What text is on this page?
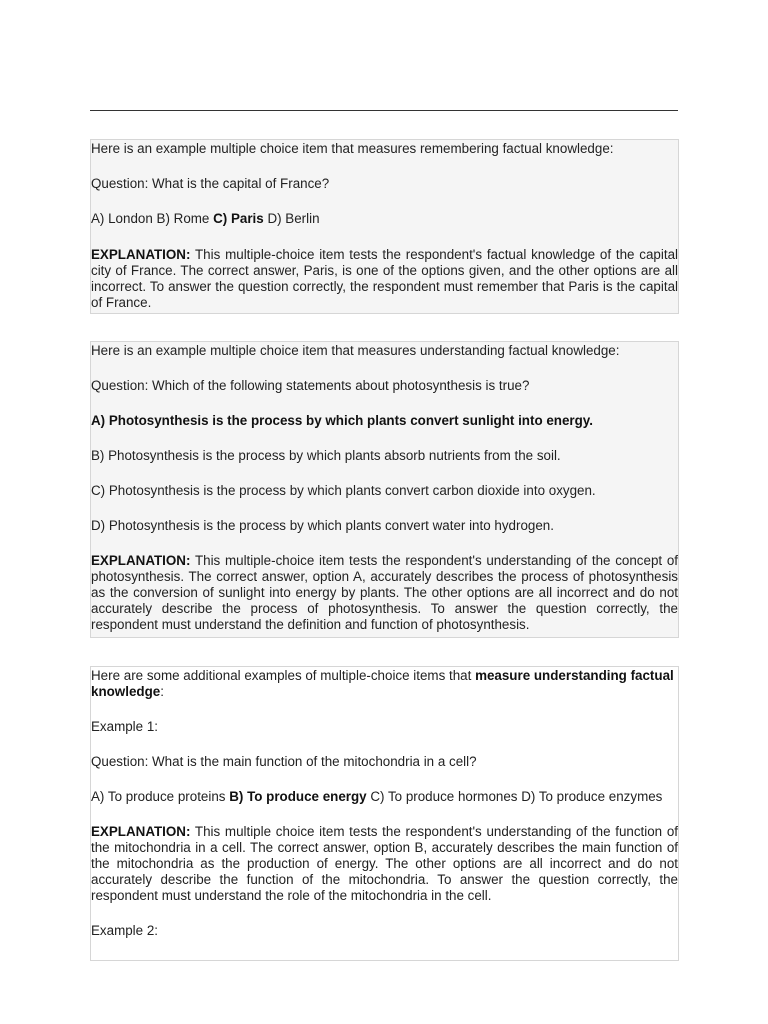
Here is an example multiple choice item that measures remembering factual knowledge:

Question: What is the capital of France?

A) London B) Rome C) Paris D) Berlin

EXPLANATION: This multiple-choice item tests the respondent's factual knowledge of the capital city of France. The correct answer, Paris, is one of the options given, and the other options are all incorrect. To answer the question correctly, the respondent must remember that Paris is the capital of France.

Here is an example multiple choice item that measures understanding factual knowledge:

Question: Which of the following statements about photosynthesis is true?

A) Photosynthesis is the process by which plants convert sunlight into energy.

B) Photosynthesis is the process by which plants absorb nutrients from the soil.

C) Photosynthesis is the process by which plants convert carbon dioxide into oxygen.

D) Photosynthesis is the process by which plants convert water into hydrogen.

EXPLANATION: This multiple-choice item tests the respondent's understanding of the concept of photosynthesis. The correct answer, option A, accurately describes the process of photosynthesis as the conversion of sunlight into energy by plants. The other options are all incorrect and do not accurately describe the process of photosynthesis. To answer the question correctly, the respondent must understand the definition and function of photosynthesis.

Here are some additional examples of multiple-choice items that measure understanding factual knowledge:

Example 1:

Question: What is the main function of the mitochondria in a cell?

A) To produce proteins B) To produce energy C) To produce hormones D) To produce enzymes

EXPLANATION: This multiple choice item tests the respondent's understanding of the function of the mitochondria in a cell. The correct answer, option B, accurately describes the main function of the mitochondria as the production of energy. The other options are all incorrect and do not accurately describe the function of the mitochondria. To answer the question correctly, the respondent must understand the role of the mitochondria in the cell.

Example 2:
